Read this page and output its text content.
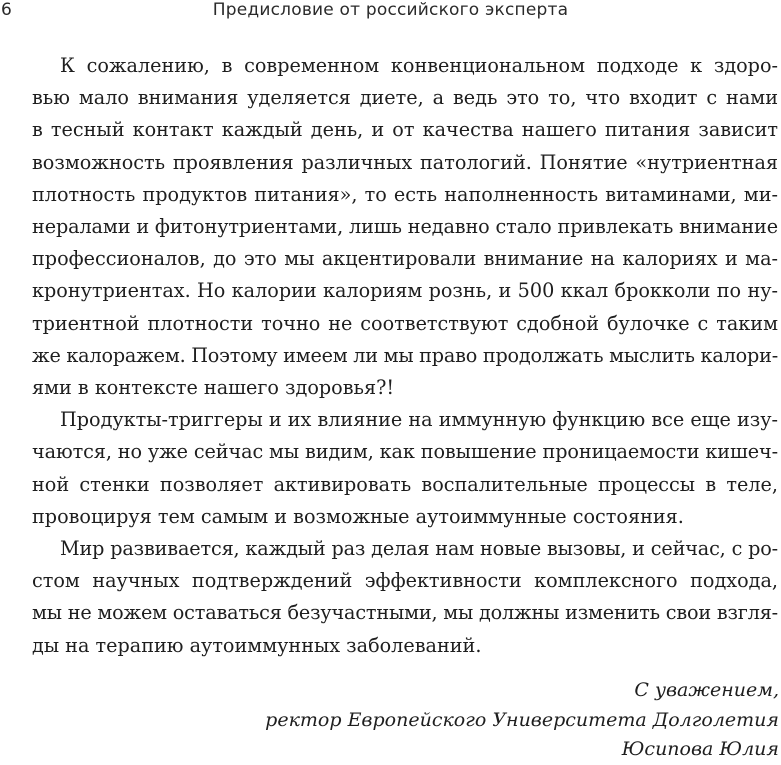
6	Предисловие от российского эксперта
К сожалению, в современном конвенциональном подходе к здоро-
вью мало внимания уделяется диете, а ведь это то, что входит с нами
в тесный контакт каждый день, и от качества нашего питания зависит
возможность проявления различных патологий. Понятие «нутриентная
плотность продуктов питания», то есть наполненность витаминами, ми-
нералами и фитонутриентами, лишь недавно стало привлекать внимание
профессионалов, до это мы акцентировали внимание на калориях и ма-
кронутриентах. Но калории калориям рознь, и 500 ккал брокколи по ну-
триентной плотности точно не соответствуют сдобной булочке с таким
же калоражем. Поэтому имеем ли мы право продолжать мыслить калори-
ями в контексте нашего здоровья?!
Продукты-триггеры и их влияние на иммунную функцию все еще изу-
чаются, но уже сейчас мы видим, как повышение проницаемости кишеч-
ной стенки позволяет активировать воспалительные процессы в теле,
провоцируя тем самым и возможные аутоиммунные состояния.
Мир развивается, каждый раз делая нам новые вызовы, и сейчас, с ро-
стом научных подтверждений эффективности комплексного подхода,
мы не можем оставаться безучастными, мы должны изменить свои взгля-
ды на терапию аутоиммунных заболеваний.
С уважением,
ректор Европейского Университета Долголетия
Юсипова Юлия
